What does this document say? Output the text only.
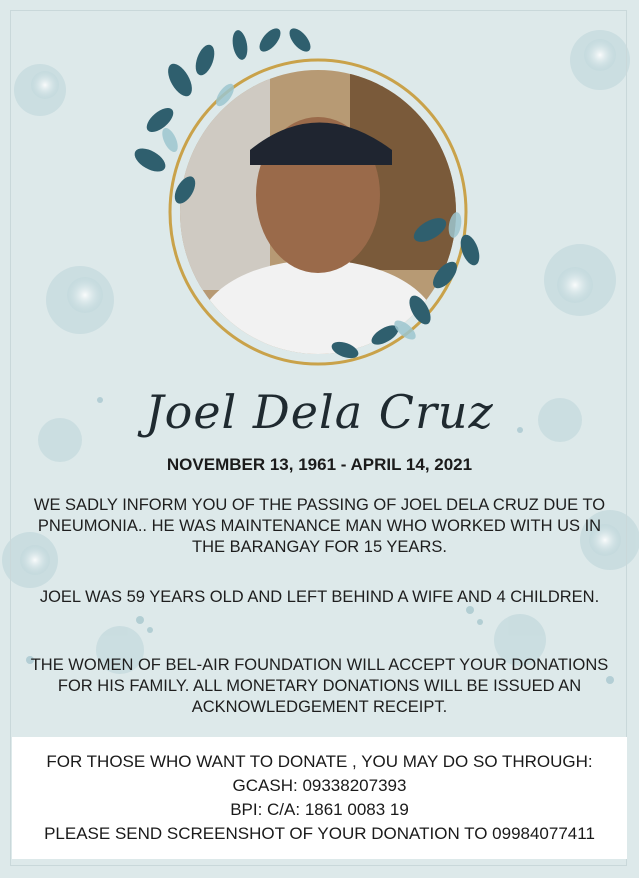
Joel Dela Cruz
NOVEMBER 13, 1961 - APRIL 14, 2021
WE SADLY INFORM YOU OF THE PASSING OF JOEL DELA CRUZ DUE TO PNEUMONIA.. HE WAS MAINTENANCE MAN WHO WORKED WITH US IN THE BARANGAY FOR 15 YEARS.
JOEL WAS 59 YEARS OLD AND LEFT BEHIND A WIFE AND 4 CHILDREN.
THE WOMEN OF BEL-AIR FOUNDATION WILL ACCEPT YOUR DONATIONS FOR HIS FAMILY. ALL MONETARY DONATIONS WILL BE ISSUED AN ACKNOWLEDGEMENT RECEIPT.
FOR THOSE WHO WANT TO DONATE , YOU MAY DO SO THROUGH:
GCASH: 09338207393
BPI: C/A: 1861 0083 19
PLEASE SEND SCREENSHOT OF YOUR DONATION TO 09984077411
